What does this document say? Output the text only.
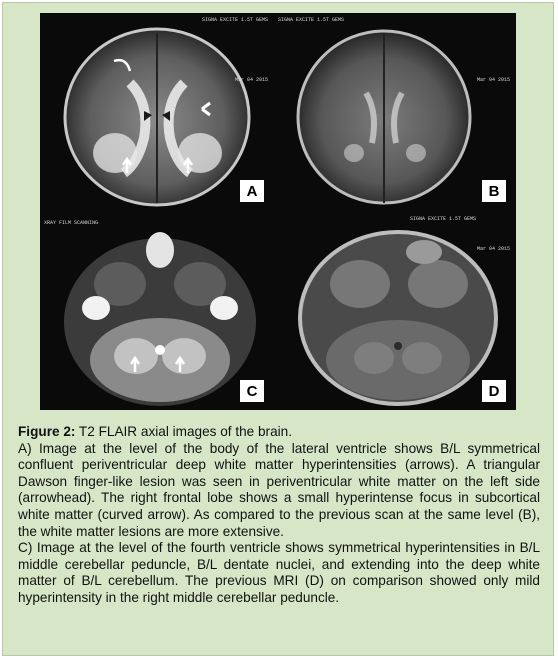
SIGNA EXCITE 1.5T GEMS
Mar 04 2015
A
SIGNA EXCITE 1.5T GEMS
Mar 04 2015
B
XRAY FILM SCANNING
C
SIGNA EXCITE 1.5T GEMS
Mar 04 2015
D

Figure 2: T2 FLAIR axial images of the brain.

A) Image at the level of the body of the lateral ventricle shows B/L symmetrical confluent periventricular deep white matter hyperintensities (arrows). A triangular Dawson finger-like lesion was seen in periventricular white matter on the left side (arrowhead). The right frontal lobe shows a small hyperintense focus in subcortical white matter (curved arrow). As compared to the previous scan at the same level (B), the white matter lesions are more extensive.

C) Image at the level of the fourth ventricle shows symmetrical hyperintensities in B/L middle cerebellar peduncle, B/L dentate nuclei, and extending into the deep white matter of B/L cerebellum. The previous MRI (D) on comparison showed only mild hyperintensity in the right middle cerebellar peduncle.
